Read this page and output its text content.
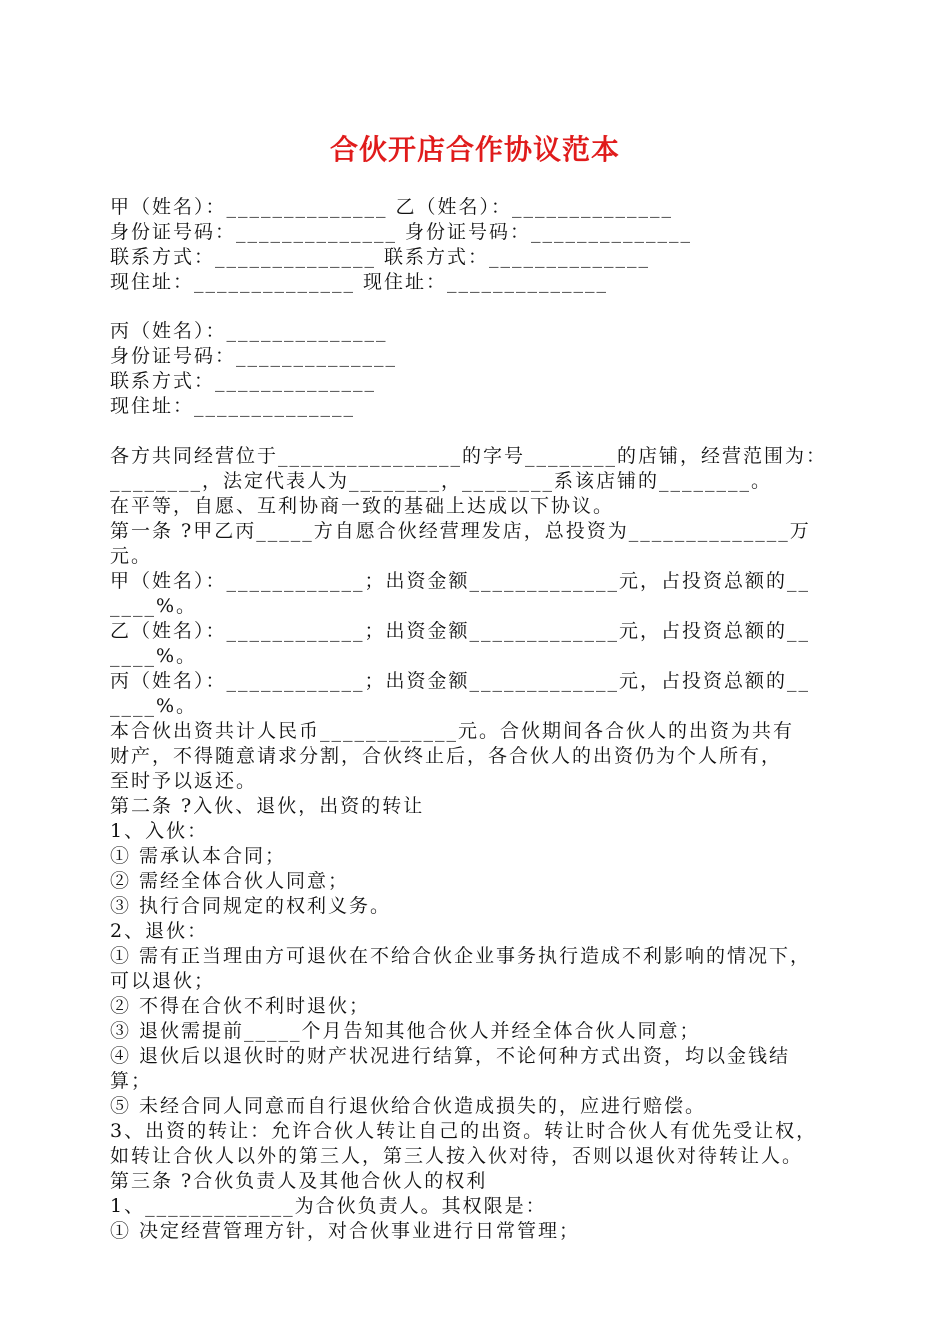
合伙开店合作协议范本
甲（姓名）：______________ 乙（姓名）：______________
身份证号码：______________ 身份证号码：______________
联系方式：______________ 联系方式：______________
现住址：______________ 现住址：______________
丙（姓名）：______________
身份证号码：______________
联系方式：______________
现住址：______________
各方共同经营位于________________的字号________的店铺，经营范围为：
________，法定代表人为________，________系该店铺的________。
在平等，自愿、互利协商一致的基础上达成以下协议。
第一条 ?甲乙丙_____方自愿合伙经营理发店，总投资为______________万
元。
甲（姓名）：____________；出资金额_____________元，占投资总额的__
____%。
乙（姓名）：____________；出资金额_____________元，占投资总额的__
____%。
丙（姓名）：____________；出资金额_____________元，占投资总额的__
____%。
本合伙出资共计人民币____________元。合伙期间各合伙人的出资为共有
财产，不得随意请求分割，合伙终止后，各合伙人的出资仍为个人所有，
至时予以返还。
第二条 ?入伙、退伙，出资的转让
1、入伙：
① 需承认本合同；
② 需经全体合伙人同意；
③ 执行合同规定的权利义务。
2、退伙：
① 需有正当理由方可退伙在不给合伙企业事务执行造成不利影响的情况下，
可以退伙；
② 不得在合伙不利时退伙；
③ 退伙需提前_____个月告知其他合伙人并经全体合伙人同意；
④ 退伙后以退伙时的财产状况进行结算，不论何种方式出资，均以金钱结
算；
⑤ 未经合同人同意而自行退伙给合伙造成损失的，应进行赔偿。
3、出资的转让：允许合伙人转让自己的出资。转让时合伙人有优先受让权，
如转让合伙人以外的第三人，第三人按入伙对待，否则以退伙对待转让人。
第三条 ?合伙负责人及其他合伙人的权利
1、_____________为合伙负责人。其权限是：
① 决定经营管理方针，对合伙事业进行日常管理；
